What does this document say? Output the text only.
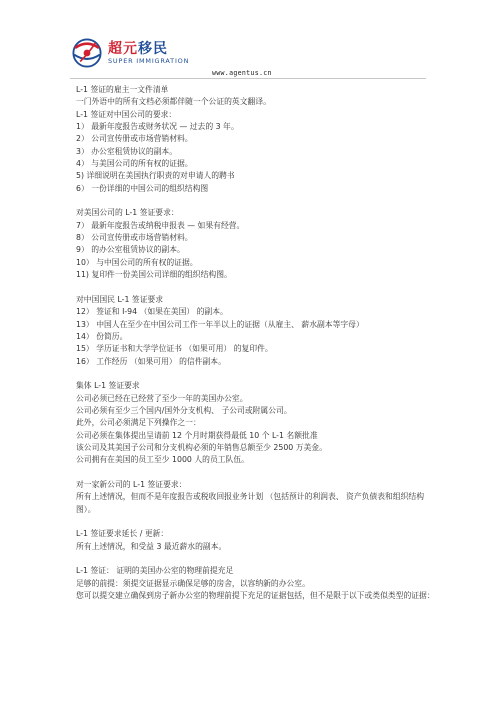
超元移民
SUPER IMMIGRATION
www.agentus.cn
L-1 签证的雇主一文件清单
一门外语中的所有文档必须都伴随一个公证的英文翻译。
L-1 签证对中国公司的要求：
1） 最新年度报告或财务状况 — 过去的 3 年。
2） 公司宣传册或市场营销材料。
3） 办公室租赁协议的副本。
4） 与美国公司的所有权的证据。
5) 详细说明在美国执行职责的对申请人的聘书
6） 一份详细的中国公司的组织结构图
对美国公司的 L-1 签证要求：
7） 最新年度报告或纳税申报表 — 如果有经营。
8） 公司宣传册或市场营销材料。
9） 的办公室租赁协议的副本。
10） 与中国公司的所有权的证据。
11) 复印件一份美国公司详细的组织结构图。
对中国国民 L-1 签证要求
12） 签证和 I-94 （如果在美国） 的副本。
13） 中国人在至少在中国公司工作一年半以上的证据（从雇主、 薪水副本等字母）
14） 份简历。
15） 学历证书和大学学位证书 （如果可用） 的复印件。
16） 工作经历 （如果可用） 的信件副本。
集体 L-1 签证要求
公司必须已经在已经营了至少一年的美国办公室。
公司必须有至少三个国内/国外分支机构、 子公司或附属公司。
此外，公司必须满足下列操作之一：
公司必须在集体提出呈请前 12 个月时期获得最低 10 个 L-1 名额批准
该公司及其美国子公司和分支机构必须的年销售总额至少 2500 万美金。
公司拥有在美国的员工至少 1000 人的员工队伍。
对一家新公司的 L-1 签证要求：
所有上述情况，但而不是年度报告或税收回报业务计划 （包括预计的利润表、 资产负债表和组织结构图）。
L-1 签证要求延长 / 更新：
所有上述情况，和受益 3 最近薪水的副本。
L-1 签证： 证明的美国办公室的物理前提充足
足够的前提：须提交证据显示确保足够的房舍，以容纳新的办公室。
您可以提交建立确保到房子新办公室的物理前提下充足的证据包括，但不是限于以下或类似类型的证据：
